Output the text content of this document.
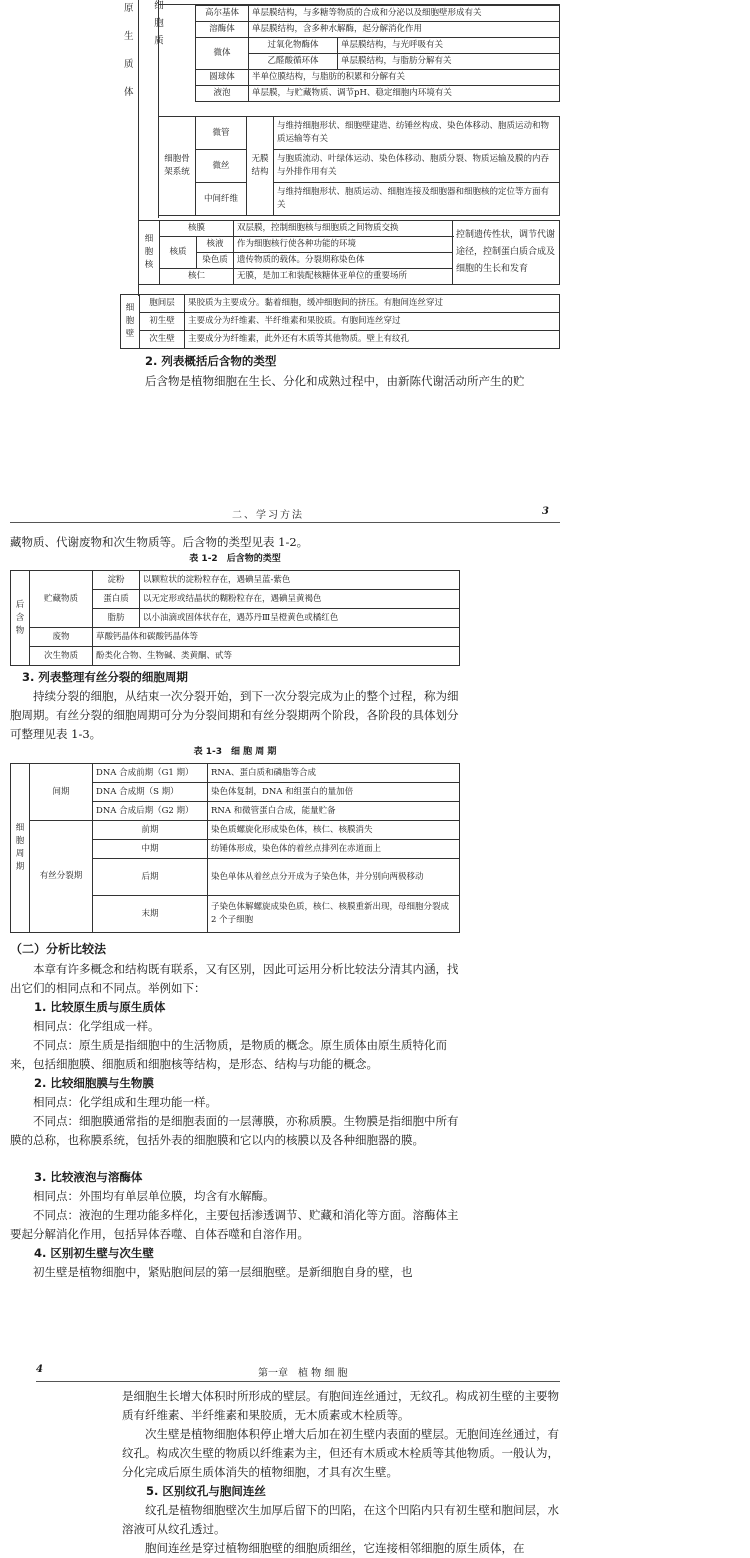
原
生
质
体
高尔基体	单层膜结构，与多糖等物质的合成和分泌以及细胞壁形成有关	
溶酶体	单层膜结构，含多种水解酶，起分解消化作用	
微体	过氧化物酶体	单层膜结构，与光呼吸有关
	乙醛酸循环体	单层膜结构，与脂肪分解有关
圆球体	半单位膜结构，与脂肪的积累和分解有关	
液泡	单层膜，与贮藏物质、调节pH、稳定细胞内环境有关	
细胞骨架系统	微管	无膜结构	与维持细胞形状、细胞壁建造、纺锤丝构成、染色体移动、胞质运动和物质运输等有关
	微丝		与胞质流动、叶绿体运动、染色体移动、胞质分裂、物质运输及膜的内吞与外排作用有关
	中间纤维		与维持细胞形状、胞质运动、细胞连接及细胞器和细胞核的定位等方面有关
细胞核	核膜		双层膜，控制细胞核与细胞质之间物质交换	控制遗传性状，调节代谢途径，控制蛋白质合成及细胞的生长和发育
	核质	核液	作为细胞核行使各种功能的环境	
		染色质	遗传物质的载体。分裂期称染色体	
	核仁		无膜，是加工和装配核糖体亚单位的重要场所	
细胞壁	胞间层	果胶质为主要成分。黏着细胞，缓冲细胞间的挤压。有胞间连丝穿过
	初生壁	主要成分为纤维素、半纤维素和果胶质。有胞间连丝穿过
	次生壁	主要成分为纤维素，此外还有木质等其他物质。壁上有纹孔
2. 列表概括后含物的类型
后含物是植物细胞在生长、分化和成熟过程中，由新陈代谢活动所产生的贮
二、学习方法	3
藏物质、代谢废物和次生物质等。后含物的类型见表 1-2。
表 1-2　后含物的类型
后含物	贮藏物质	淀粉	以颗粒状的淀粉粒存在，遇碘呈蓝-紫色
		蛋白质	以无定形或结晶状的糊粉粒存在，遇碘呈黄褐色
		脂肪	以小油滴或固体状存在，遇苏丹Ⅲ呈橙黄色或橘红色
	废物	草酸钙晶体和碳酸钙晶体等	
	次生物质	酚类化合物、生物碱、类黄酮、甙等	
3. 列表整理有丝分裂的细胞周期
持续分裂的细胞，从结束一次分裂开始，到下一次分裂完成为止的整个过程，称为细胞周期。有丝分裂的细胞周期可分为分裂间期和有丝分裂期两个阶段，各阶段的具体划分可整理见表 1-3。
表 1-3　细 胞 周 期
细胞周期	间期	DNA 合成前期（G1 期）	RNA、蛋白质和磷脂等合成
		DNA 合成期（S 期）	染色体复制，DNA 和组蛋白的量加倍
		DNA 合成后期（G2 期）	RNA 和微管蛋白合成，能量贮备
	有丝分裂期	前期	染色质螺旋化形成染色体，核仁、核膜消失
		中期	纺锤体形成，染色体的着丝点排列在赤道面上
		后期	染色单体从着丝点分开成为子染色体，并分别向两极移动
		末期	子染色体解螺旋成染色质，核仁、核膜重新出现，母细胞分裂成 2 个子细胞
（二）分析比较法
本章有许多概念和结构既有联系，又有区别，因此可运用分析比较法分清其内涵，找出它们的相同点和不同点。举例如下：
1. 比较原生质与原生质体
相同点：化学组成一样。
不同点：原生质是指细胞中的生活物质，是物质的概念。原生质体由原生质特化而来，包括细胞膜、细胞质和细胞核等结构，是形态、结构与功能的概念。
2. 比较细胞膜与生物膜
相同点：化学组成和生理功能一样。
不同点：细胞膜通常指的是细胞表面的一层薄膜，亦称质膜。生物膜是指细胞中所有膜的总称，也称膜系统，包括外表的细胞膜和它以内的核膜以及各种细胞器的膜。
3. 比较液泡与溶酶体
相同点：外围均有单层单位膜，均含有水解酶。
不同点：液泡的生理功能多样化，主要包括渗透调节、贮藏和消化等方面。溶酶体主要起分解消化作用，包括异体吞噬、自体吞噬和自溶作用。
4. 区别初生壁与次生壁
初生壁是植物细胞中，紧贴胞间层的第一层细胞壁。是新细胞自身的壁，也
4	第一章　植 物 细 胞
是细胞生长增大体积时所形成的壁层。有胞间连丝通过，无纹孔。构成初生壁的主要物质有纤维素、半纤维素和果胶质，无木质素或木栓质等。
次生壁是植物细胞体积停止增大后加在初生壁内表面的壁层。无胞间连丝通过，有纹孔。构成次生壁的物质以纤维素为主，但还有木质或木栓质等其他物质。一般认为，分化完成后原生质体消失的植物细胞，才具有次生壁。
5. 区别纹孔与胞间连丝
纹孔是植物细胞壁次生加厚后留下的凹陷，在这个凹陷内只有初生壁和胞间层，水溶液可从纹孔透过。
胞间连丝是穿过植物细胞壁的细胞质细丝，它连接相邻细胞的原生质体，在
